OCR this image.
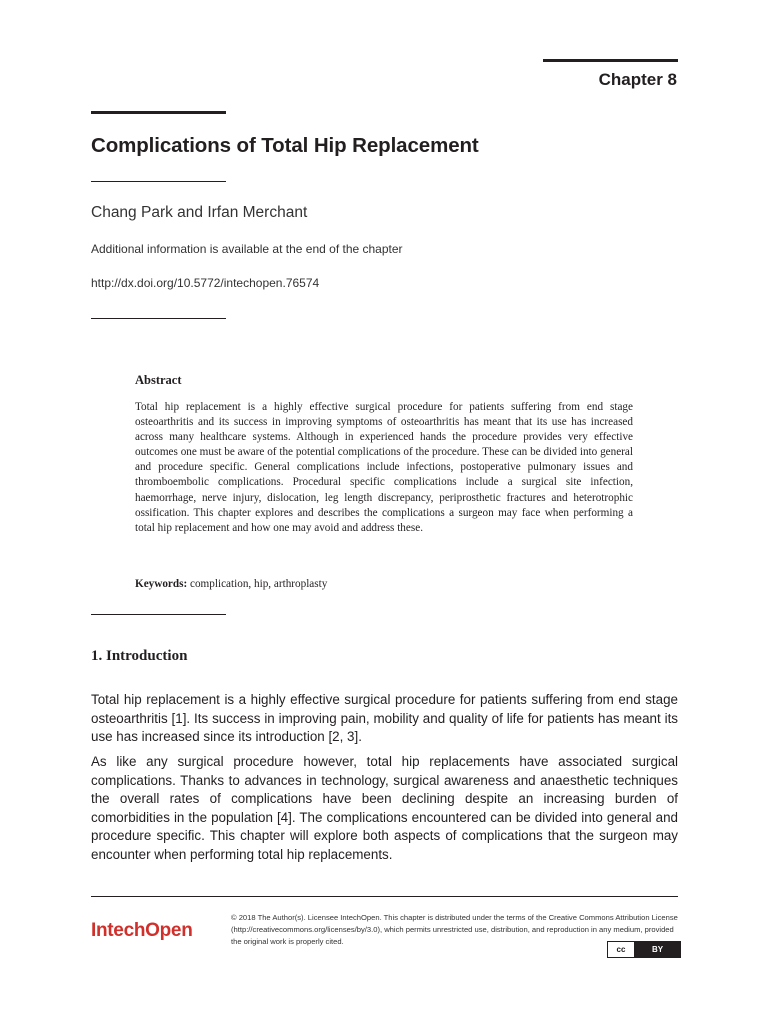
Chapter 8
Complications of Total Hip Replacement
Chang Park and Irfan Merchant
Additional information is available at the end of the chapter
http://dx.doi.org/10.5772/intechopen.76574
Abstract
Total hip replacement is a highly effective surgical procedure for patients suffering from end stage osteoarthritis and its success in improving symptoms of osteoarthritis has meant that its use has increased across many healthcare systems. Although in experienced hands the procedure provides very effective outcomes one must be aware of the potential complications of the procedure. These can be divided into general and procedure specific. General complications include infections, postoperative pulmonary issues and thromboembolic complications. Procedural specific complications include a surgical site infection, haemorrhage, nerve injury, dislocation, leg length discrepancy, periprosthetic fractures and heterotrophic ossification. This chapter explores and describes the complications a surgeon may face when performing a total hip replacement and how one may avoid and address these.
Keywords: complication, hip, arthroplasty
1. Introduction
Total hip replacement is a highly effective surgical procedure for patients suffering from end stage osteoarthritis [1]. Its success in improving pain, mobility and quality of life for patients has meant its use has increased since its introduction [2, 3].
As like any surgical procedure however, total hip replacements have associated surgical complications. Thanks to advances in technology, surgical awareness and anaesthetic techniques the overall rates of complications have been declining despite an increasing burden of comorbidities in the population [4]. The complications encountered can be divided into general and procedure specific. This chapter will explore both aspects of complications that the surgeon may encounter when performing total hip replacements.
IntechOpen
© 2018 The Author(s). Licensee IntechOpen. This chapter is distributed under the terms of the Creative Commons Attribution License (http://creativecommons.org/licenses/by/3.0), which permits unrestricted use, distribution, and reproduction in any medium, provided the original work is properly cited.
cc	BY
